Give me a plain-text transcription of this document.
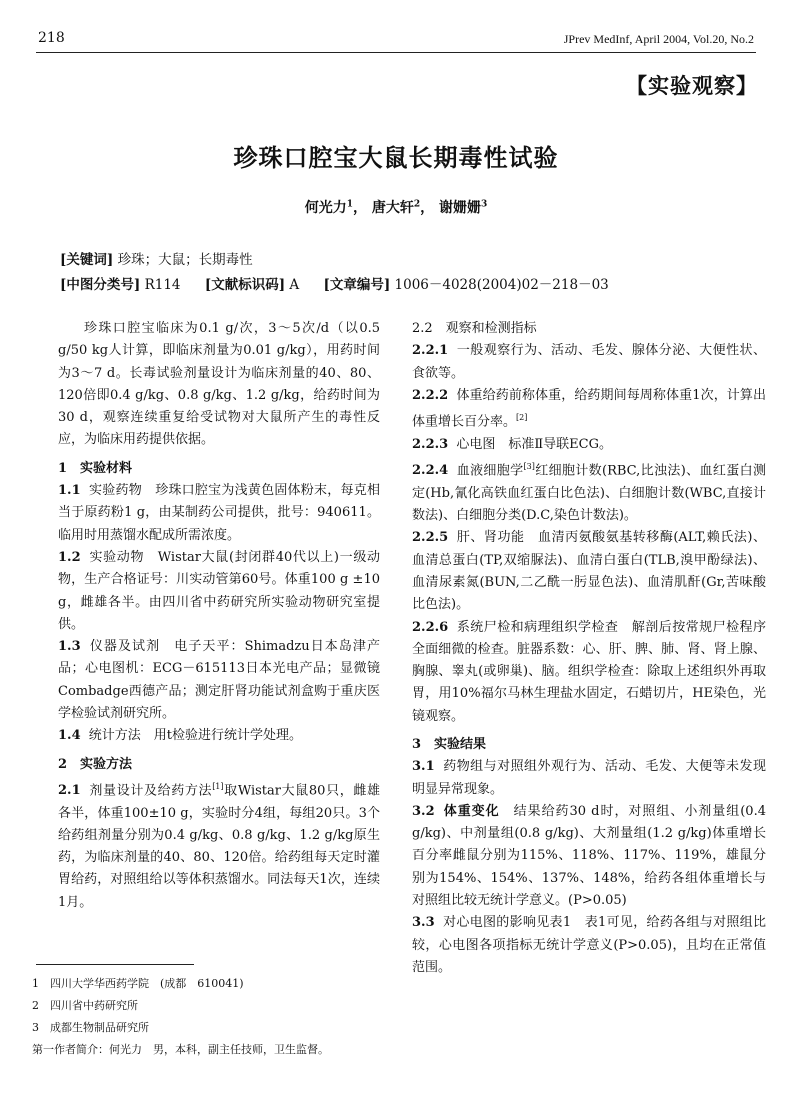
218	JPrev MedInf, April 2004, Vol.20, No.2
【实验观察】
珍珠口腔宝大鼠长期毒性试验
何光力$^1$， 唐大轩$^2$， 谢姗姗$^3$
[关键词] 珍珠；大鼠；长期毒性
[中图分类号] R114 [文献标识码] A [文章编号] 1006－4028(2004)02－218－03

珍珠口腔宝临床为0.1 g/次，3～5次/d（以0.5 g/50 kg人计算，即临床剂量为0.01 g/kg），用药时间为3～7 d。长毒试验剂量设计为临床剂量的40、80、120倍即0.4 g/kg、0.8 g/kg、1.2 g/kg，给药时间为30 d，观察连续重复给受试物对大鼠所产生的毒性反应，为临床用药提供依据。

1　实验材料

1.1 实验药物　 珍珠口腔宝为浅黄色固体粉末，每克相当于原药粉1 g，由某制药公司提供，批号：940611。临用时用蒸馏水配成所需浓度。

1.2 实验动物　 Wistar大鼠(封闭群40代以上)一级动物，生产合格证号：川实动管第60号。体重100 g ±10 g，雌雄各半。由四川省中药研究所实验动物研究室提供。

1.3 仪器及试剂　 电子天平：Shimadzu日本岛津产品；心电图机：ECG－615113日本光电产品；显微镜Combadge西德产品；测定肝肾功能试剂盒购于重庆医学检验试剂研究所。

1.4 统计方法　 用t检验进行统计学处理。

2　实验方法

2.1 剂量设计及给药方法[1]取Wistar大鼠80只，雌雄各半，体重100±10 g，实验时分4组，每组20只。3个给药组剂量分别为0.4 g/kg、0.8 g/kg、1.2 g/kg原生药，为临床剂量的40、80、120倍。给药组每天定时灌胃给药，对照组给以等体积蒸馏水。同法每天1次，连续1月。

2.2　观察和检测指标

2.2.1 一般观察行为、活动、毛发、腺体分泌、大便性状、食欲等。

2.2.2 体重给药前称体重，给药期间每周称体重1次，计算出体重增长百分率。[2]

2.2.3 心电图　标准Ⅱ导联ECG。

2.2.4 血液细胞学[3]红细胞计数(RBC,比浊法)、血红蛋白测定(Hb,氰化高铁血红蛋白比色法)、白细胞计数(WBC,直接计数法)、白细胞分类(D.C,染色计数法)。

2.2.5 肝、肾功能　血清丙氨酸氨基转移酶(ALT,赖氏法)、血清总蛋白(TP,双缩脲法)、血清白蛋白(TLB,溴甲酚绿法)、血清尿素氮(BUN,二乙酰一肟显色法)、血清肌酐(Gr,苦味酸比色法)。

2.2.6 系统尸检和病理组织学检查　解剖后按常规尸检程序全面细微的检查。脏器系数：心、肝、脾、肺、肾、肾上腺、胸腺、睾丸(或卵巢)、脑。组织学检查：除取上述组织外再取胃，用10%福尔马林生理盐水固定，石蜡切片，HE染色，光镜观察。

3　实验结果

3.1 药物组与对照组外观行为、活动、毛发、大便等未发现明显异常现象。

3.2 体重变化　 结果给药30 d时，对照组、小剂量组(0.4 g/kg)、中剂量组(0.8 g/kg)、大剂量组(1.2 g/kg)体重增长百分率雌鼠分别为115%、118%、117%、119%，雄鼠分别为154%、154%、137%、148%，给药各组体重增长与对照组比较无统计学意义。(P>0.05)

3.3 对心电图的影响见表1　表1可见，给药各组与对照组比较，心电图各项指标无统计学意义(P>0.05)，且均在正常值范围。

1　四川大学华西药学院　(成都　610041)
2　四川省中药研究所
3　成都生物制品研究所
第一作者简介：何光力　男，本科，副主任技师，卫生监督。
